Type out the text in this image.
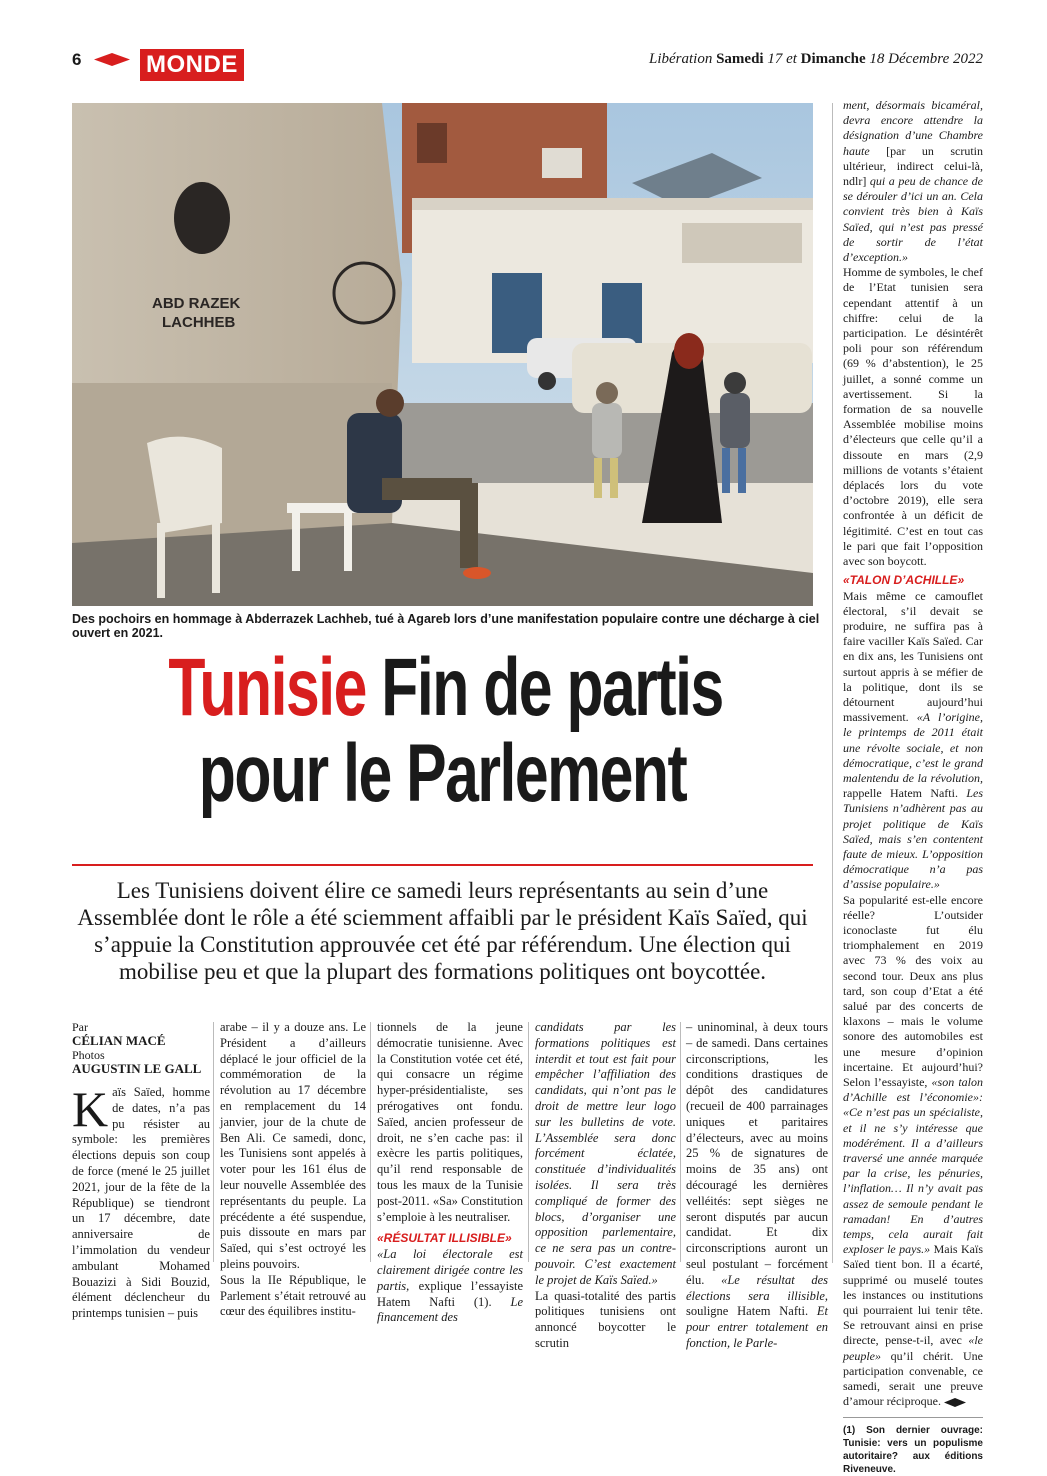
6	MONDE	Libération Samedi 17 et Dimanche 18 Décembre 2022
ABD RAZEK
LACHHEB
Des pochoirs en hommage à Abderrazek Lachheb, tué à Agareb lors d’une manifestation populaire contre une décharge à ciel ouvert en 2021.
Tunisie Fin de partis
pour le Parlement
Les Tunisiens doivent élire ce samedi leurs représentants au sein d’une Assemblée dont le rôle a été sciemment affaibli par le président Kaïs Saïed, qui s’appuie la Constitution approuvée cet été par référendum. Une élection qui mobilise peu et que la plupart des formations politiques ont boycottée.
Par
CÉLIAN MACÉ
Photos
AUGUSTIN LE GALL
Kaïs Saïed, homme de dates, n’a pas pu résister au symbole: les premières élections depuis son coup de force (mené le 25 juillet 2021, jour de la fête de la République) se tiendront un 17 décembre, date anniversaire de l’immolation du vendeur ambulant Mohamed Bouazizi à Sidi Bouzid, élément déclencheur du printemps tunisien – puis

arabe – il y a douze ans. Le Président a d’ailleurs déplacé le jour officiel de la commémoration de la révolution au 17 décembre en remplacement du 14 janvier, jour de la chute de Ben Ali. Ce samedi, donc, les Tunisiens sont appelés à voter pour les 161 élus de leur nouvelle Assemblée des représentants du peuple. La précédente a été suspendue, puis dissoute en mars par Saïed, qui s’est octroyé les pleins pouvoirs.

Sous la IIe République, le Parlement s’était retrouvé au cœur des équilibres institu-

tionnels de la jeune démocratie tunisienne. Avec la Constitution votée cet été, qui consacre un régime hyper-présidentialiste, ses prérogatives ont fondu. Saïed, ancien professeur de droit, ne s’en cache pas: il exècre les partis politiques, qu’il rend responsable de tous les maux de la Tunisie post-2011. «Sa» Constitution s’emploie à les neutraliser.

«RÉSULTAT ILLISIBLE»

«La loi électorale est clairement dirigée contre les partis, explique l’essayiste Hatem Nafti (1). Le financement des

candidats par les formations politiques est interdit et tout est fait pour empêcher l’affiliation des candidats, qui n’ont pas le droit de mettre leur logo sur les bulletins de vote. L’Assemblée sera donc forcément éclatée, constituée d’individualités isolées. Il sera très compliqué de former des blocs, d’organiser une opposition parlementaire, ce ne sera pas un contre-pouvoir. C’est exactement le projet de Kaïs Saïed.»

La quasi-totalité des partis politiques tunisiens ont annoncé boycotter le scrutin

– uninominal, à deux tours – de samedi. Dans certaines circonscriptions, les conditions drastiques de dépôt des candidatures (recueil de 400 parrainages uniques et paritaires d’électeurs, avec au moins 25 % de signatures de moins de 35 ans) ont découragé les dernières velléités: sept sièges ne seront disputés par aucun candidat. Et dix circonscriptions auront un seul postulant – forcément élu. «Le résultat des élections sera illisible, souligne Hatem Nafti. Et pour entrer totalement en fonction, le Parle-

ment, désormais bicaméral, devra encore attendre la désignation d’une Chambre haute [par un scrutin ultérieur, indirect celui-là, ndlr] qui a peu de chance de se dérouler d’ici un an. Cela convient très bien à Kaïs Saïed, qui n’est pas pressé de sortir de l’état d’exception.»

Homme de symboles, le chef de l’Etat tunisien sera cependant attentif à un chiffre: celui de la participation. Le désintérêt poli pour son référendum (69 % d’abstention), le 25 juillet, a sonné comme un avertissement. Si la formation de sa nouvelle Assemblée mobilise moins d’électeurs que celle qu’il a dissoute en mars (2,9 millions de votants s’étaient déplacés lors du vote d’octobre 2019), elle sera confrontée à un déficit de légitimité. C’est en tout cas le pari que fait l’opposition avec son boycott.

«TALON D’ACHILLE»

Mais même ce camouflet électoral, s’il devait se produire, ne suffira pas à faire vaciller Kaïs Saïed. Car en dix ans, les Tunisiens ont surtout appris à se méfier de la politique, dont ils se détournent aujourd’hui massivement. «A l’origine, le printemps de 2011 était une révolte sociale, et non démocratique, c’est le grand malentendu de la révolution, rappelle Hatem Nafti. Les Tunisiens n’adhèrent pas au projet politique de Kaïs Saïed, mais s’en contentent faute de mieux. L’opposition démocratique n’a pas d’assise populaire.»

Sa popularité est-elle encore réelle? L’outsider iconoclaste fut élu triomphalement en 2019 avec 73 % des voix au second tour. Deux ans plus tard, son coup d’Etat a été salué par des concerts de klaxons – mais le volume sonore des automobiles est une mesure d’opinion incertaine. Et aujourd’hui? Selon l’essayiste, «son talon d’Achille est l’économie»: «Ce n’est pas un spécialiste, et il ne s’y intéresse que modérément. Il a d’ailleurs traversé une année marquée par la crise, les pénuries, l’inflation… Il n’y avait pas assez de semoule pendant le ramadan! En d’autres temps, cela aurait fait exploser le pays.» Mais Kaïs Saïed tient bon. Il a écarté, supprimé ou muselé toutes les instances ou institutions qui pourraient lui tenir tête. Se retrouvant ainsi en prise directe, pense-t-il, avec «le peuple» qu’il chérit. Une participation convenable, ce samedi, serait une preuve d’amour réciproque.

(1) Son dernier ouvrage: Tunisie: vers un populisme autoritaire? aux éditions Riveneuve.
